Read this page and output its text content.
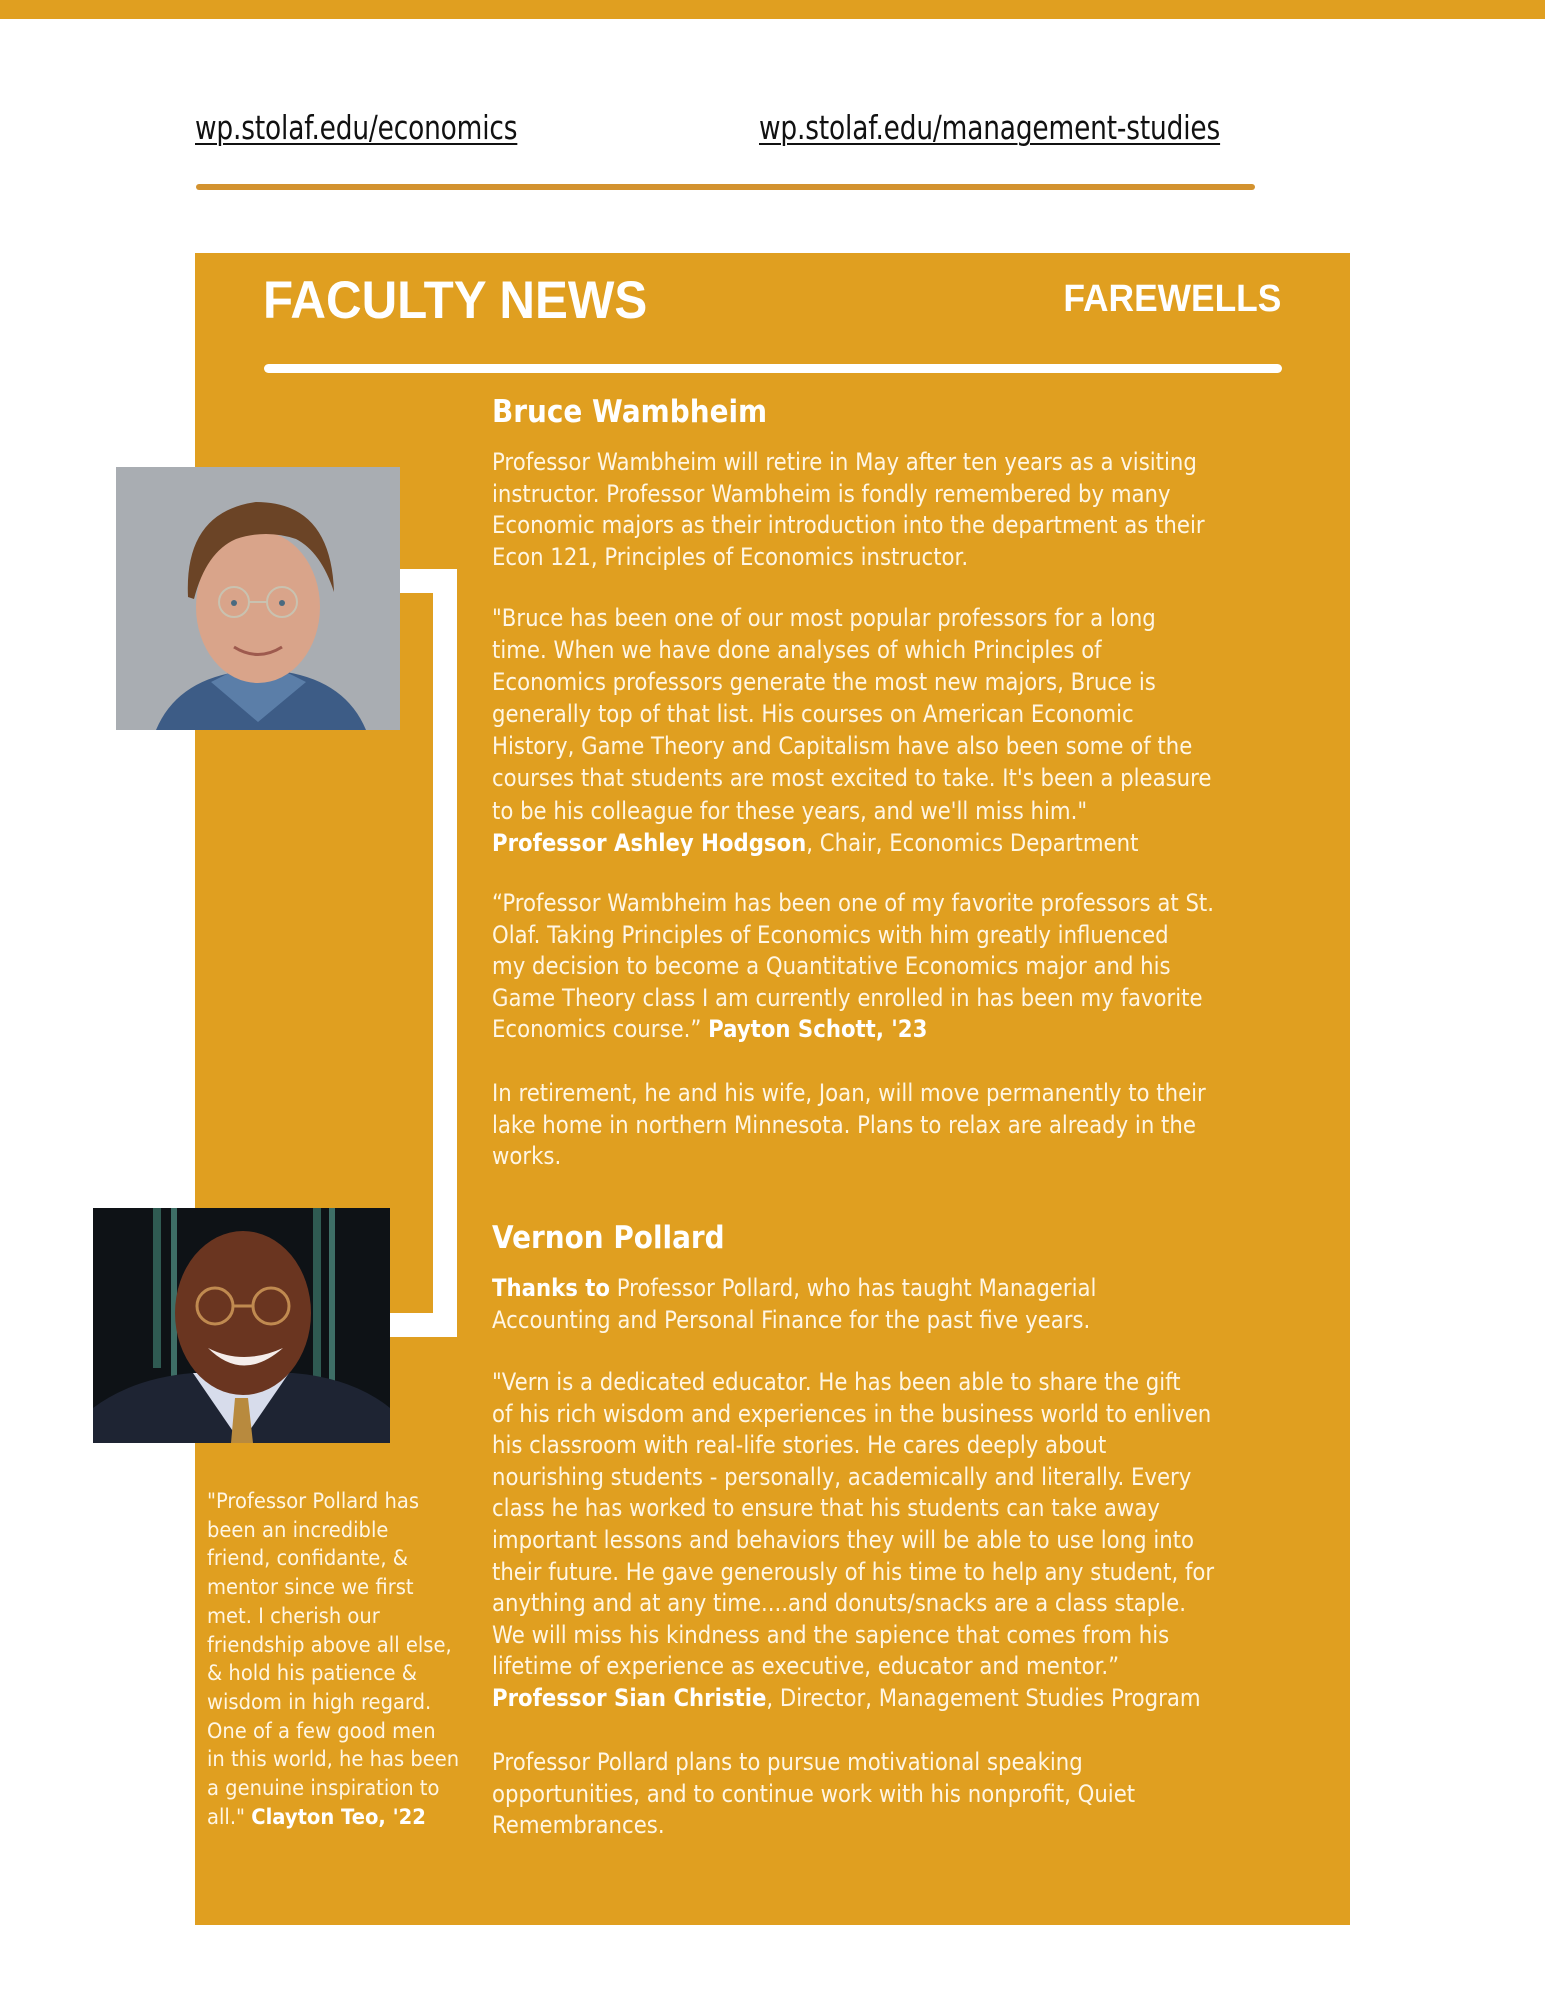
wp.stolaf.edu/economics	wp.stolaf.edu/management-studies
FACULTY NEWS	FAREWELLS
Bruce Wambheim

Professor Wambheim will retire in May after ten years as a visiting
instructor. Professor Wambheim is fondly remembered by many
Economic majors as their introduction into the department as their
Econ 121, Principles of Economics instructor.

"Bruce has been one of our most popular professors for a long
time. When we have done analyses of which Principles of
Economics professors generate the most new majors, Bruce is
generally top of that list. His courses on American Economic
History, Game Theory and Capitalism have also been some of the
courses that students are most excited to take. It's been a pleasure
to be his colleague for these years, and we'll miss him."
Professor Ashley Hodgson, Chair, Economics Department

“Professor Wambheim has been one of my favorite professors at St.
Olaf. Taking Principles of Economics with him greatly influenced
my decision to become a Quantitative Economics major and his
Game Theory class I am currently enrolled in has been my favorite
Economics course.” Payton Schott, '23

In retirement, he and his wife, Joan, will move permanently to their
lake home in northern Minnesota. Plans to relax are already in the
works.

Vernon Pollard

Thanks to Professor Pollard, who has taught Managerial
Accounting and Personal Finance for the past five years.

"Vern is a dedicated educator. He has been able to share the gift
of his rich wisdom and experiences in the business world to enliven
his classroom with real-life stories. He cares deeply about
nourishing students - personally, academically and literally. Every
class he has worked to ensure that his students can take away
important lessons and behaviors they will be able to use long into
their future. He gave generously of his time to help any student, for
anything and at any time....and donuts/snacks are a class staple.
We will miss his kindness and the sapience that comes from his
lifetime of experience as executive, educator and mentor.”
Professor Sian Christie, Director, Management Studies Program

Professor Pollard plans to pursue motivational speaking
opportunities, and to continue work with his nonprofit, Quiet
Remembrances.

"Professor Pollard has
been an incredible
friend, confidante, &
mentor since we first
met. I cherish our
friendship above all else,
& hold his patience &
wisdom in high regard.
One of a few good men
in this world, he has been
a genuine inspiration to
all." Clayton Teo, '22
